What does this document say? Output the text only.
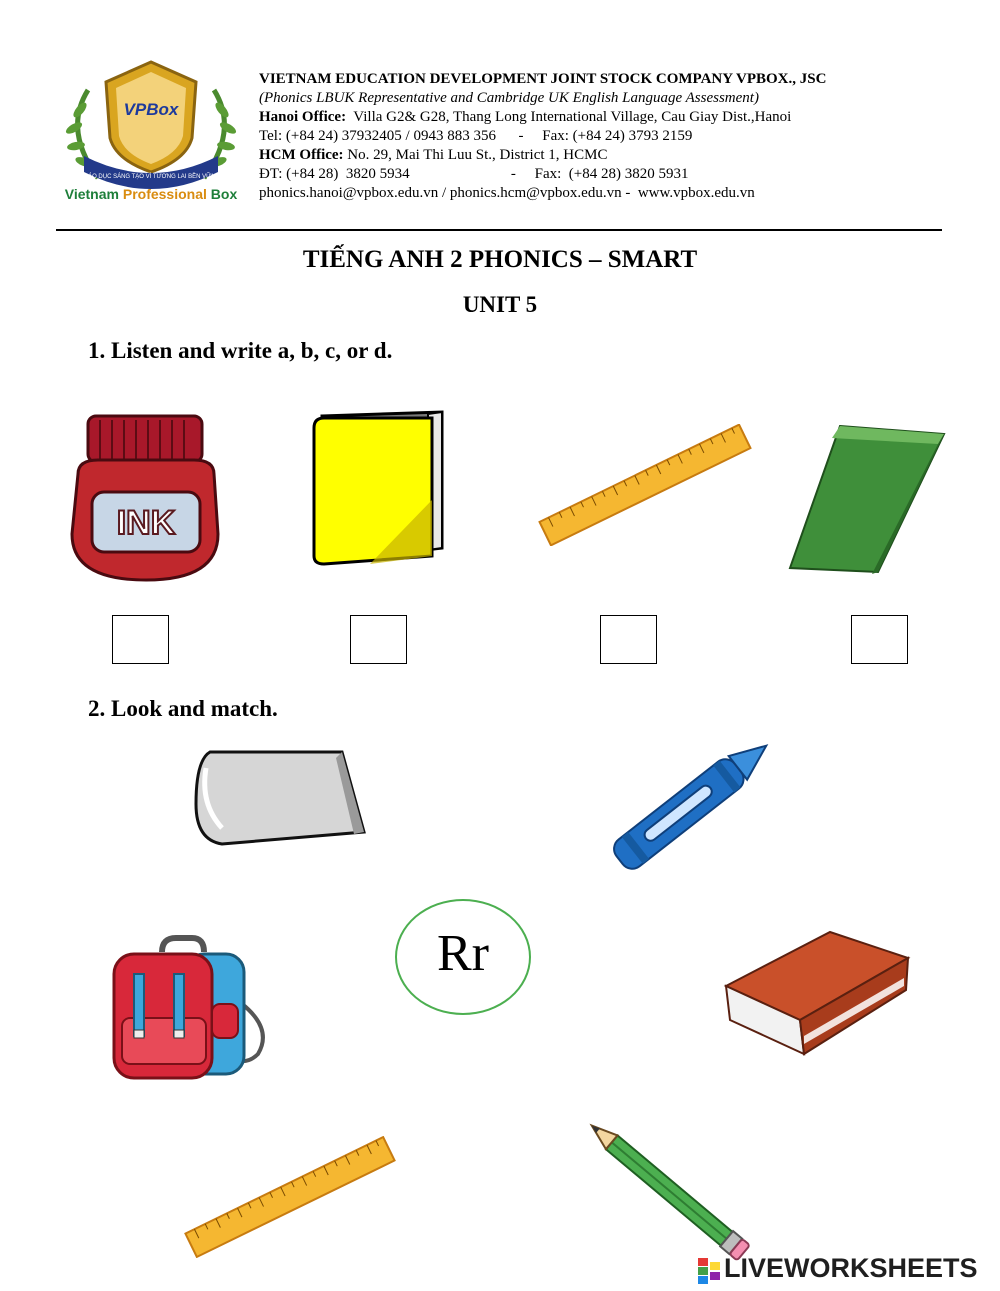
GIÁO DỤC SÁNG TẠO VÌ TƯƠNG LAI BỀN VỮNG
VPBox
Vietnam Professional Box
VIETNAM EDUCATION DEVELOPMENT JOINT STOCK COMPANY VPBOX., JSC
(Phonics LBUK Representative and Cambridge UK English Language Assessment)
Hanoi Office:  Villa G2& G28, Thang Long International Village, Cau Giay Dist.,Hanoi
Tel: (+84 24) 37932405 / 0943 883 356      -     Fax: (+84 24) 3793 2159
HCM Office: No. 29, Mai Thi Luu St., District 1, HCMC
ĐT: (+84 28)  3820 5934                           -     Fax:  (+84 28) 3820 5931
phonics.hanoi@vpbox.edu.vn / phonics.hcm@vpbox.edu.vn -  www.vpbox.edu.vn
TIẾNG ANH 2 PHONICS – SMART
UNIT 5
1. Listen and write a, b, c, or d.
INK
2. Look and match.
Rr
LIVEWORKSHEETS
